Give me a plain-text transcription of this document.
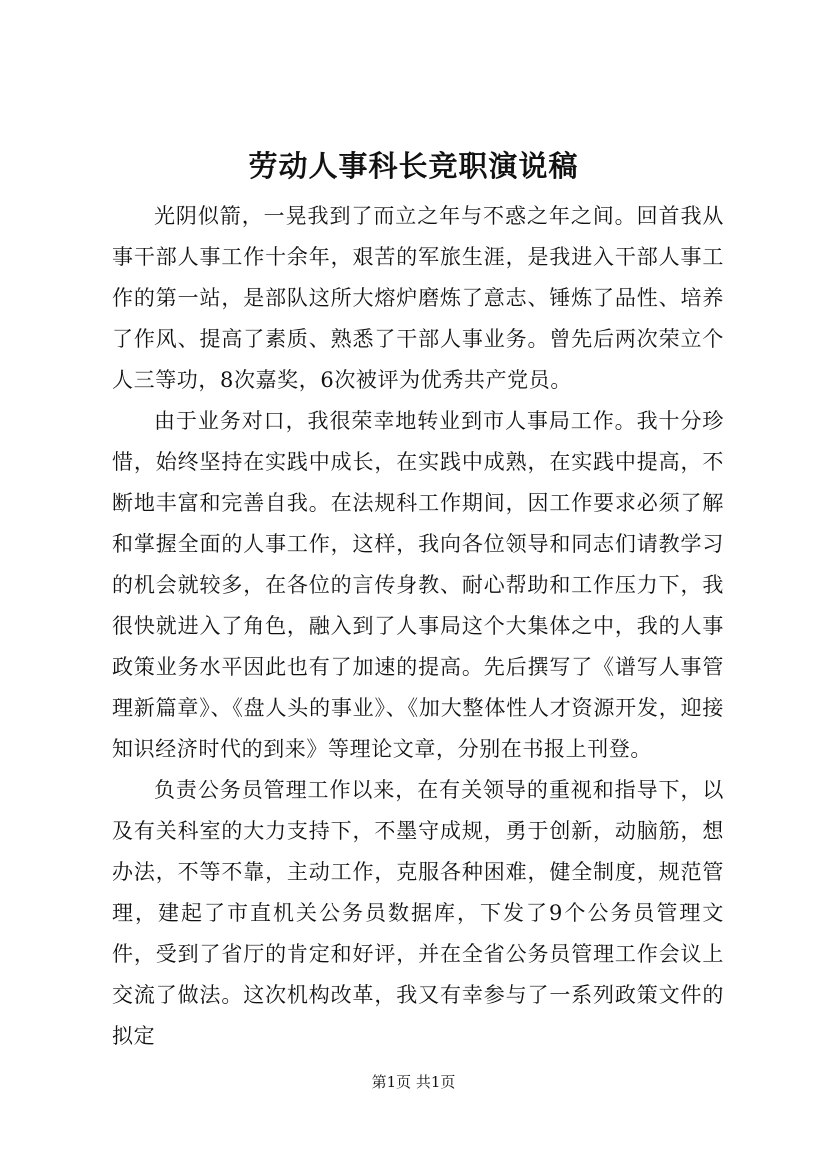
劳动人事科长竞职演说稿

光阴似箭，一晃我到了而立之年与不惑之年之间。回首我从事干部人事工作十余年，艰苦的军旅生涯，是我进入干部人事工作的第一站，是部队这所大熔炉磨炼了意志、锤炼了品性、培养了作风、提高了素质、熟悉了干部人事业务。曾先后两次荣立个人三等功，8次嘉奖，6次被评为优秀共产党员。

由于业务对口，我很荣幸地转业到市人事局工作。我十分珍惜，始终坚持在实践中成长，在实践中成熟，在实践中提高，不断地丰富和完善自我。在法规科工作期间，因工作要求必须了解和掌握全面的人事工作，这样，我向各位领导和同志们请教学习的机会就较多，在各位的言传身教、耐心帮助和工作压力下，我很快就进入了角色，融入到了人事局这个大集体之中，我的人事政策业务水平因此也有了加速的提高。先后撰写了《谱写人事管理新篇章》、《盘人头的事业》、《加大整体性人才资源开发，迎接知识经济时代的到来》等理论文章，分别在书报上刊登。

负责公务员管理工作以来，在有关领导的重视和指导下，以及有关科室的大力支持下，不墨守成规，勇于创新，动脑筋，想办法，不等不靠，主动工作，克服各种困难，健全制度，规范管理，建起了市直机关公务员数据库，下发了9个公务员管理文件，受到了省厅的肯定和好评，并在全省公务员管理工作会议上交流了做法。这次机构改革，我又有幸参与了一系列政策文件的拟定

第1页 共1页
